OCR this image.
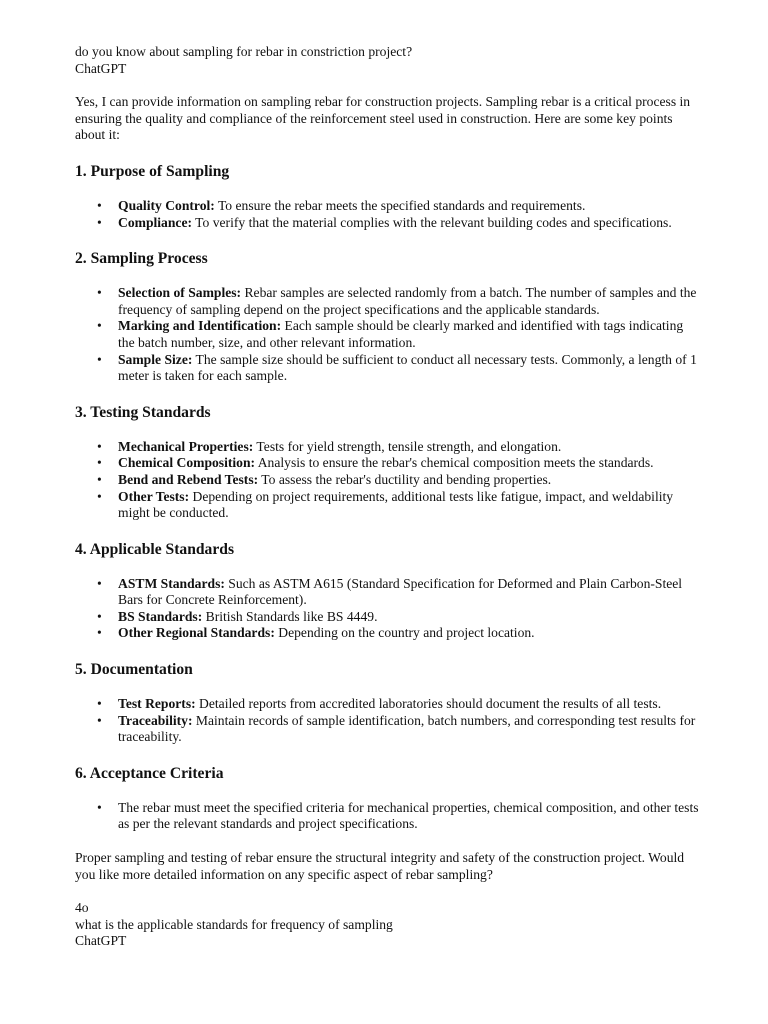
do you know about sampling for rebar in constriction project?

ChatGPT

Yes, I can provide information on sampling rebar for construction projects. Sampling rebar is a critical process in ensuring the quality and compliance of the reinforcement steel used in construction. Here are some key points about it:

1. Purpose of Sampling
• Quality Control: To ensure the rebar meets the specified standards and requirements.
• Compliance: To verify that the material complies with the relevant building codes and specifications.
2. Sampling Process
• Selection of Samples: Rebar samples are selected randomly from a batch. The number of samples and the frequency of sampling depend on the project specifications and the applicable standards.
• Marking and Identification: Each sample should be clearly marked and identified with tags indicating the batch number, size, and other relevant information.
• Sample Size: The sample size should be sufficient to conduct all necessary tests. Commonly, a length of 1 meter is taken for each sample.
3. Testing Standards
• Mechanical Properties: Tests for yield strength, tensile strength, and elongation.
• Chemical Composition: Analysis to ensure the rebar's chemical composition meets the standards.
• Bend and Rebend Tests: To assess the rebar's ductility and bending properties.
• Other Tests: Depending on project requirements, additional tests like fatigue, impact, and weldability might be conducted.
4. Applicable Standards
• ASTM Standards: Such as ASTM A615 (Standard Specification for Deformed and Plain Carbon-Steel Bars for Concrete Reinforcement).
• BS Standards: British Standards like BS 4449.
• Other Regional Standards: Depending on the country and project location.
5. Documentation
• Test Reports: Detailed reports from accredited laboratories should document the results of all tests.
• Traceability: Maintain records of sample identification, batch numbers, and corresponding test results for traceability.
6. Acceptance Criteria
• The rebar must meet the specified criteria for mechanical properties, chemical composition, and other tests as per the relevant standards and project specifications.

Proper sampling and testing of rebar ensure the structural integrity and safety of the construction project. Would you like more detailed information on any specific aspect of rebar sampling?

4o

what is the applicable standards for frequency of sampling

ChatGPT
